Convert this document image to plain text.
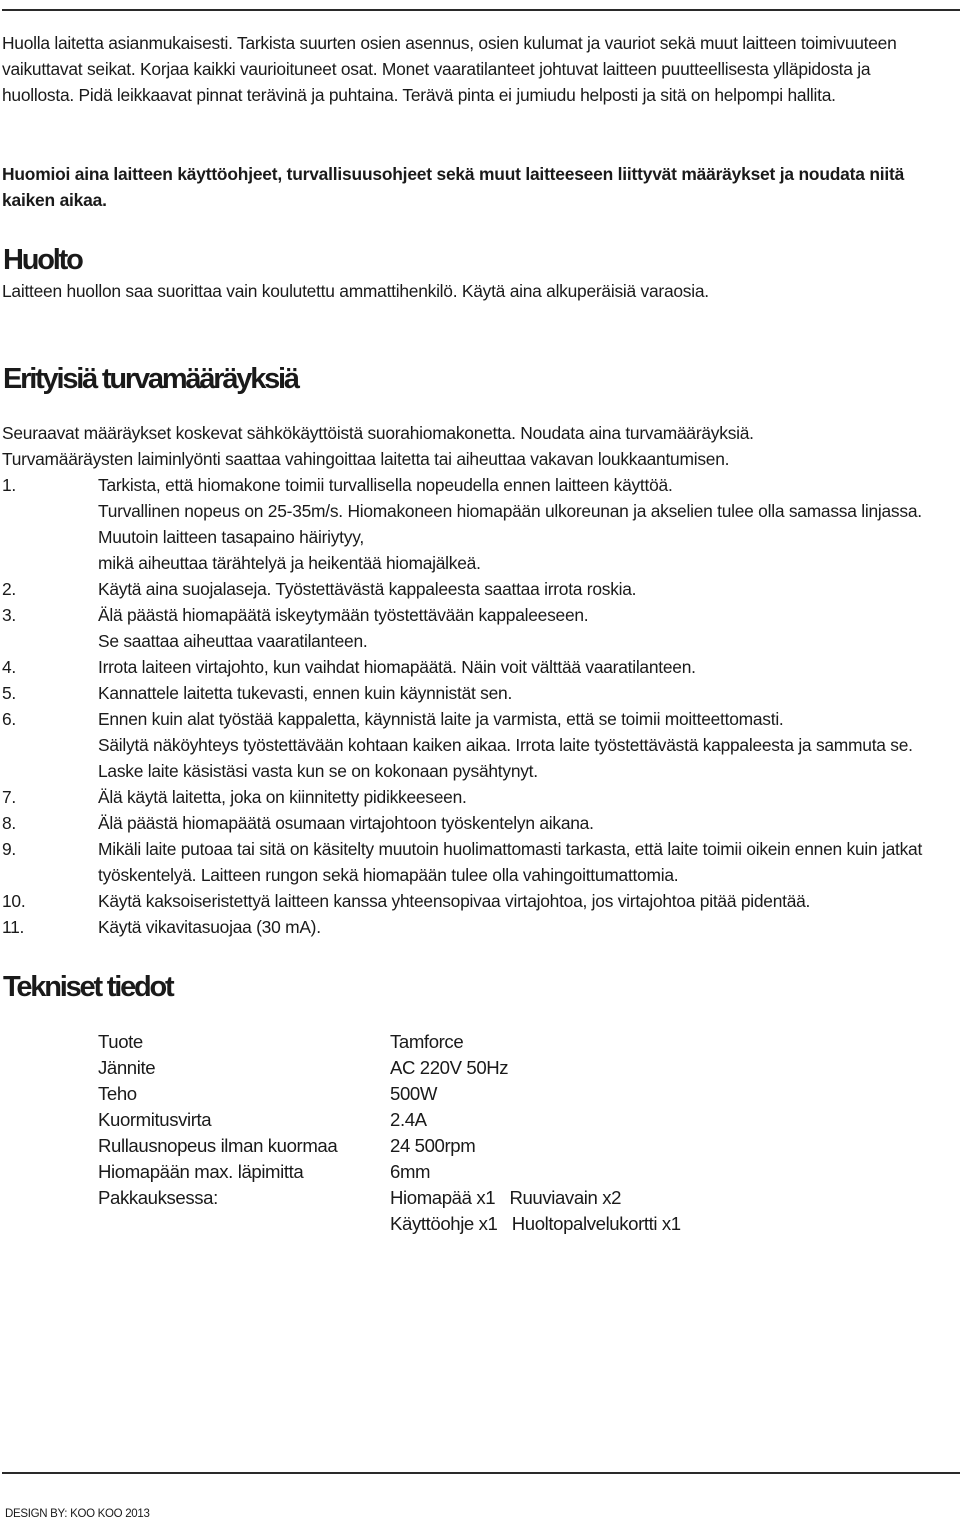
Huolla laitetta asianmukaisesti. Tarkista suurten osien asennus, osien kulumat ja vauriot sekä muut laitteen toimivuuteen vaikuttavat seikat. Korjaa kaikki vaurioituneet osat. Monet vaaratilanteet johtuvat laitteen puutteellisesta ylläpidosta ja huollosta. Pidä leikkaavat pinnat terävinä ja puhtaina. Terävä pinta ei jumiudu helposti ja sitä on helpompi hallita.
Huomioi aina laitteen käyttöohjeet, turvallisuusohjeet sekä muut laitteeseen liittyvät määräykset ja noudata niitä kaiken aikaa.
Huolto
Laitteen huollon saa suorittaa vain koulutettu ammattihenkilö. Käytä aina alkuperäisiä varaosia.
Erityisiä turvamääräyksiä
Seuraavat määräykset koskevat sähkökäyttöistä suorahiomakonetta. Noudata aina turvamääräyksiä.
Turvamääräysten laiminlyönti saattaa vahingoittaa laitetta tai aiheuttaa vakavan loukkaantumisen.
1.	Tarkista, että hiomakone toimii turvallisella nopeudella ennen laitteen käyttöä.
Turvallinen nopeus on 25-35m/s. Hiomakoneen hiomapään ulkoreunan ja akselien tulee olla samassa linjassa. Muutoin laitteen tasapaino häiriytyy,
mikä aiheuttaa tärähtelyä ja heikentää hiomajälkeä.
2.	Käytä aina suojalaseja. Työstettävästä kappaleesta saattaa irrota roskia.
3.	Älä päästä hiomapäätä iskeytymään työstettävään kappaleeseen.
Se saattaa aiheuttaa vaaratilanteen.
4.	Irrota laiteen virtajohto, kun vaihdat hiomapäätä. Näin voit välttää vaaratilanteen.
5.	Kannattele laitetta tukevasti, ennen kuin käynnistät sen.
6.	Ennen kuin alat työstää kappaletta, käynnistä laite ja varmista, että se toimii moitteettomasti.
Säilytä näköyhteys työstettävään kohtaan kaiken aikaa. Irrota laite työstettävästä kappaleesta ja sammuta se. Laske laite käsistäsi vasta kun se on kokonaan pysähtynyt.
7.	Älä käytä laitetta, joka on kiinnitetty pidikkeeseen.
8.	Älä päästä hiomapäätä osumaan virtajohtoon työskentelyn aikana.
9.	Mikäli laite putoaa tai sitä on käsitelty muutoin huolimattomasti tarkasta, että laite toimii oikein ennen kuin jatkat työskentelyä. Laitteen rungon sekä hiomapään tulee olla vahingoittumattomia.
10.	Käytä kaksoiseristettyä laitteen kanssa yhteensopivaa virtajohtoa, jos virtajohtoa pitää pidentää.
11.	Käytä vikavitasuojaa (30 mA).
Tekniset tiedot
Tuote	Tamforce
Jännite	AC 220V 50Hz
Teho	500W
Kuormitusvirta	2.4A
Rullausnopeus ilman kuormaa	24 500rpm
Hiomapään max. läpimitta	6mm
Pakkauksessa:	Hiomapää x1   Ruuviavain x2
Käyttöohje x1   Huoltopalvelukortti x1
DESIGN BY: KOO KOO 2013
